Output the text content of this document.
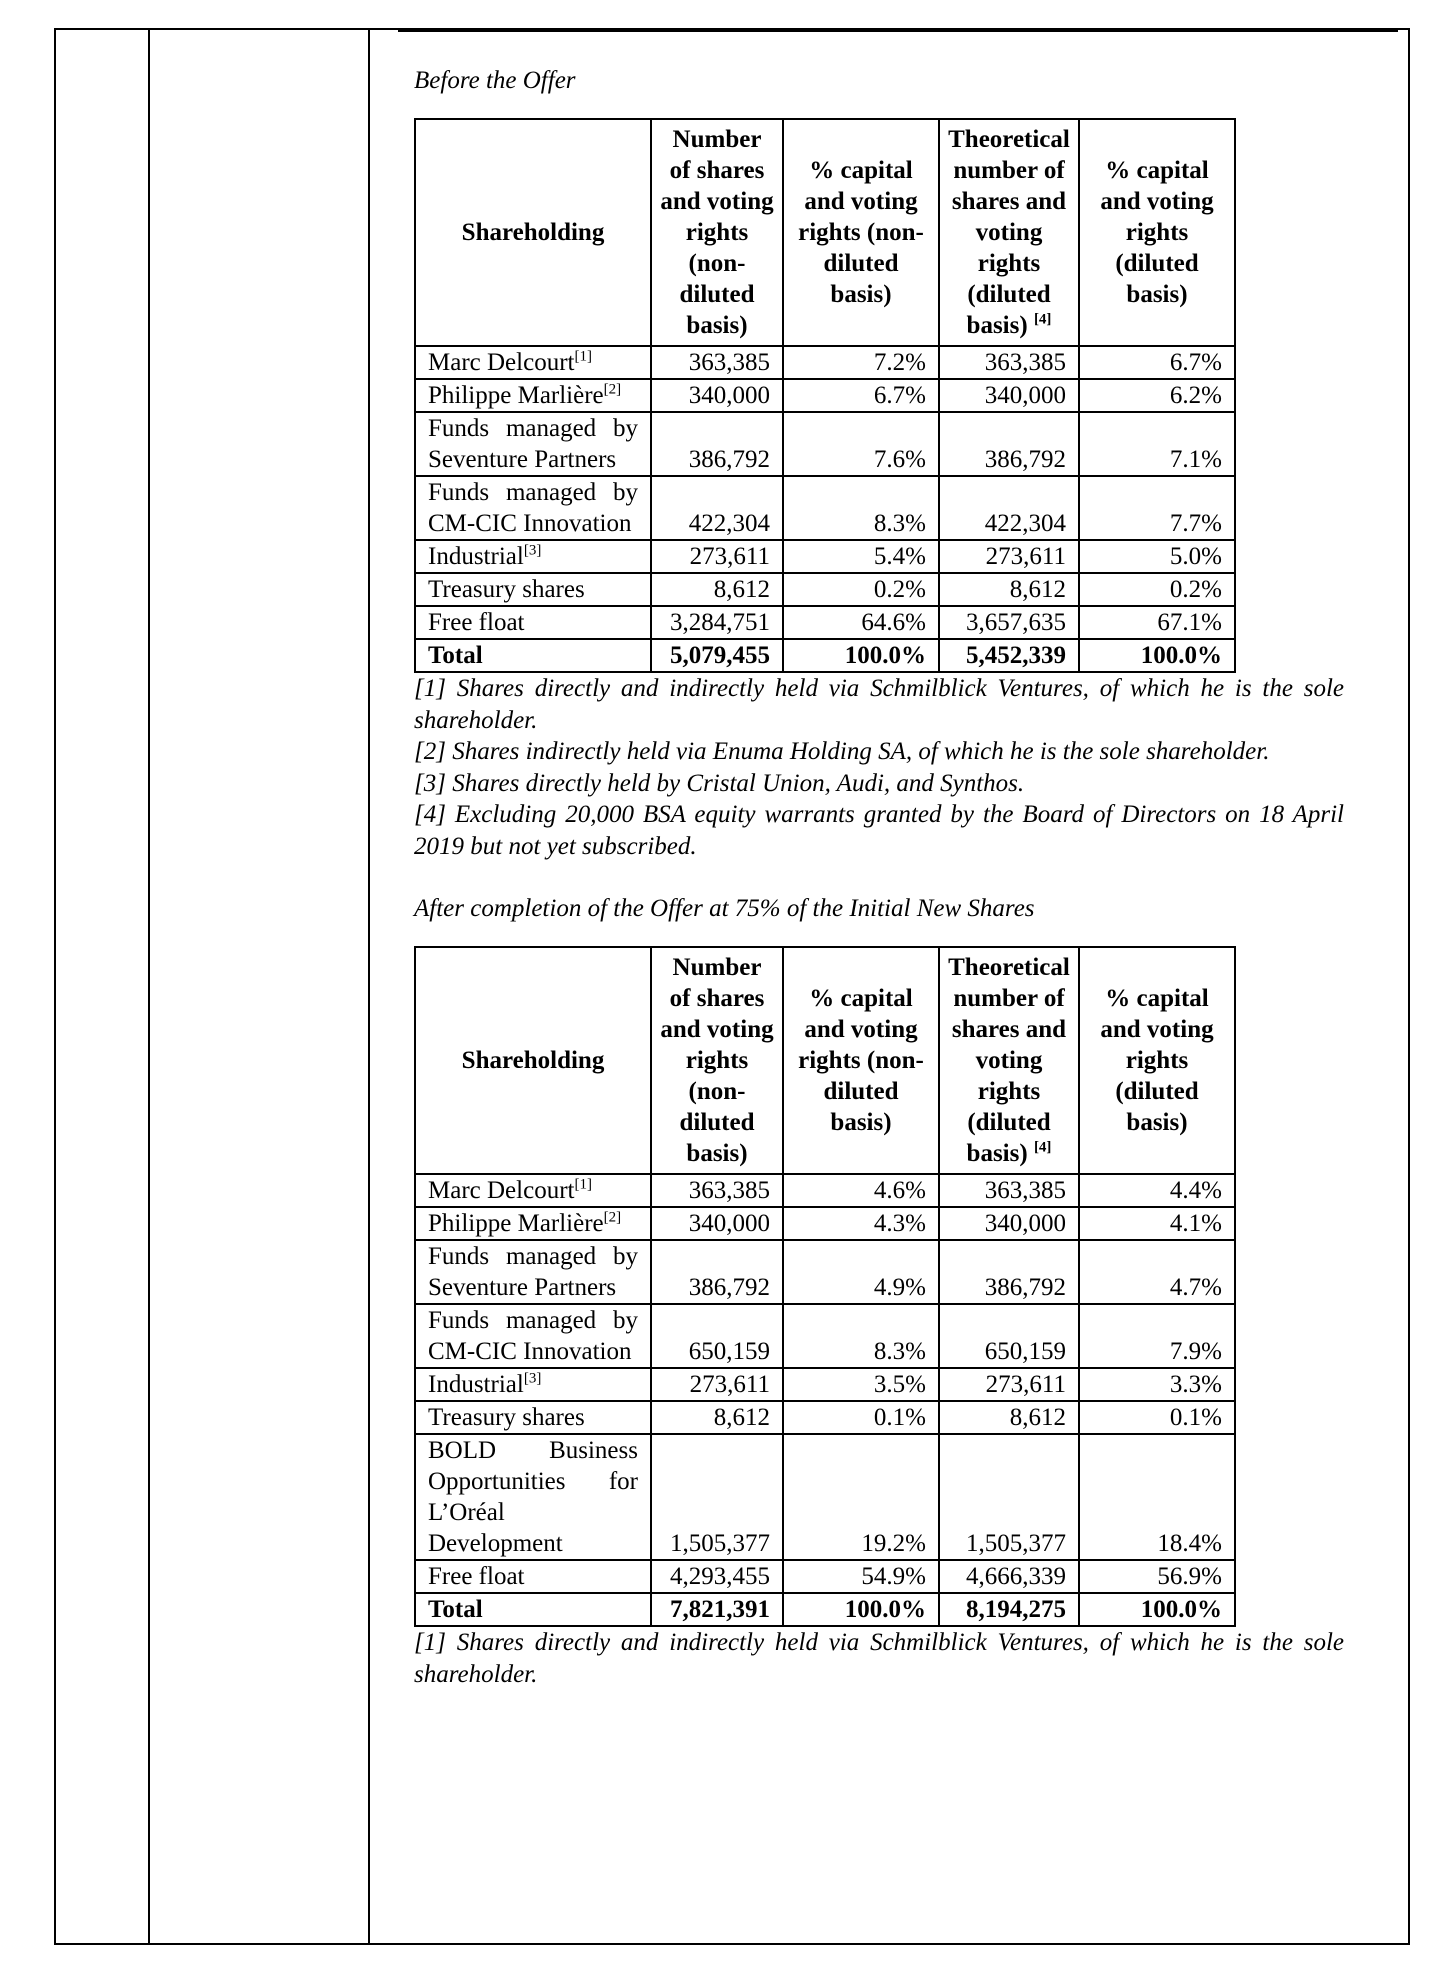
Before the Offer

Shareholding	Number of shares and voting rights (non-diluted basis)	% capital and voting rights (non-diluted basis)	Theoretical number of shares and voting rights (diluted basis) [4]	% capital and voting rights (diluted basis)
Marc Delcourt[1]	363,385	7.2%	363,385	6.7%
Philippe Marlière[2]	340,000	6.7%	340,000	6.2%
Funds managed by Seventure Partners	386,792	7.6%	386,792	7.1%
Funds managed by CM-CIC Innovation	422,304	8.3%	422,304	7.7%
Industrial[3]	273,611	5.4%	273,611	5.0%
Treasury shares	8,612	0.2%	8,612	0.2%
Free float	3,284,751	64.6%	3,657,635	67.1%
Total	5,079,455	100.0%	5,452,339	100.0%

[1] Shares directly and indirectly held via Schmilblick Ventures, of which he is the sole shareholder.

[2] Shares indirectly held via Enuma Holding SA, of which he is the sole shareholder.

[3] Shares directly held by Cristal Union, Audi, and Synthos.

[4] Excluding 20,000 BSA equity warrants granted by the Board of Directors on 18 April 2019 but not yet subscribed.

After completion of the Offer at 75% of the Initial New Shares

Shareholding	Number of shares and voting rights (non-diluted basis)	% capital and voting rights (non-diluted basis)	Theoretical number of shares and voting rights (diluted basis) [4]	% capital and voting rights (diluted basis)
Marc Delcourt[1]	363,385	4.6%	363,385	4.4%
Philippe Marlière[2]	340,000	4.3%	340,000	4.1%
Funds managed by Seventure Partners	386,792	4.9%	386,792	4.7%
Funds managed by CM-CIC Innovation	650,159	8.3%	650,159	7.9%
Industrial[3]	273,611	3.5%	273,611	3.3%
Treasury shares	8,612	0.1%	8,612	0.1%
BOLD Business Opportunities for L’Oréal Development	1,505,377	19.2%	1,505,377	18.4%
Free float	4,293,455	54.9%	4,666,339	56.9%
Total	7,821,391	100.0%	8,194,275	100.0%

[1] Shares directly and indirectly held via Schmilblick Ventures, of which he is the sole shareholder.
